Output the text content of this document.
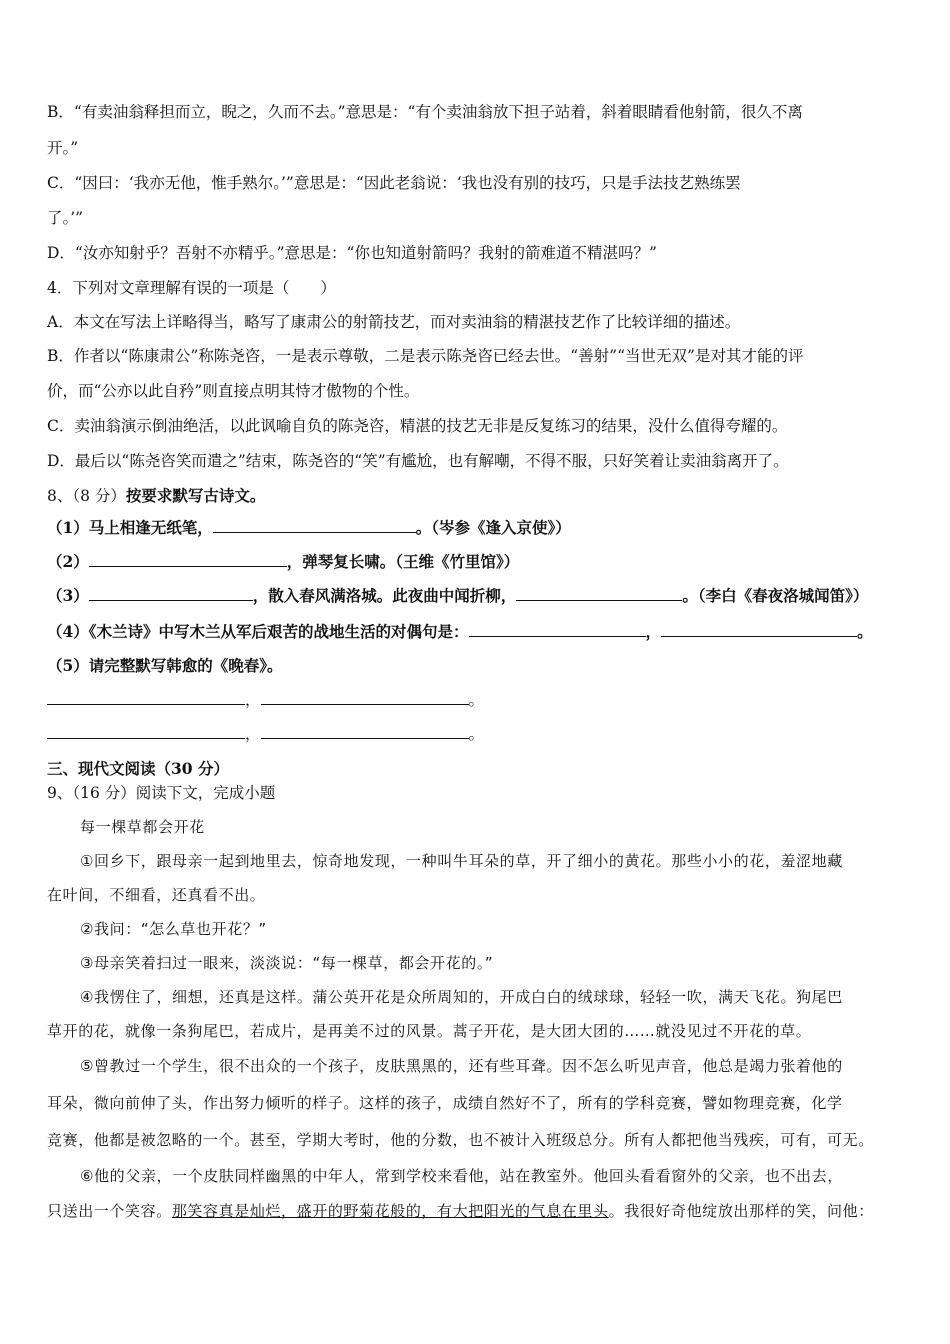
B．“有卖油翁释担而立，睨之，久而不去。”意思是：“有个卖油翁放下担子站着，斜着眼睛看他射箭，很久不离
开。”
C．“因曰：‘我亦无他，惟手熟尔。’”意思是：“因此老翁说：‘我也没有别的技巧，只是手法技艺熟练罢
了。’”
D．“汝亦知射乎？吾射不亦精乎。”意思是：“你也知道射箭吗？我射的箭难道不精湛吗？”
4．下列对文章理解有误的一项是（　　）
A．本文在写法上详略得当，略写了康肃公的射箭技艺，而对卖油翁的精湛技艺作了比较详细的描述。
B．作者以“陈康肃公”称陈尧咨，一是表示尊敬，二是表示陈尧咨已经去世。“善射”“当世无双”是对其才能的评
价，而“公亦以此自矜”则直接点明其恃才傲物的个性。
C．卖油翁演示倒油绝活，以此讽喻自负的陈尧咨，精湛的技艺无非是反复练习的结果，没什么值得夸耀的。
D．最后以“陈尧咨笑而遣之”结束，陈尧咨的“笑”有尴尬，也有解嘲，不得不服，只好笑着让卖油翁离开了。
8、（8 分）按要求默写古诗文。
（1）马上相逢无纸笔，	。（岑参《逢入京使》）
（2）	，弹琴复长啸。（王维《竹里馆》）
（3）	，散入春风满洛城。此夜曲中闻折柳，	。（李白《春夜洛城闻笛》）
（4）《木兰诗》中写木兰从军后艰苦的战地生活的对偶句是：	，	。
（5）请完整默写韩愈的《晚春》。
，	。
，	。
三、现代文阅读（30 分）
9、（16 分）阅读下文，完成小题
每一棵草都会开花
①回乡下，跟母亲一起到地里去，惊奇地发现，一种叫牛耳朵的草，开了细小的黄花。那些小小的花，羞涩地藏
在叶间，不细看，还真看不出。
②我问：“怎么草也开花？”
③母亲笑着扫过一眼来，淡淡说：“每一棵草，都会开花的。”
④我愣住了，细想，还真是这样。蒲公英开花是众所周知的，开成白白的绒球球，轻轻一吹，满天飞花。狗尾巴
草开的花，就像一条狗尾巴，若成片，是再美不过的风景。蒿子开花，是大团大团的……就没见过不开花的草。
⑤曾教过一个学生，很不出众的一个孩子，皮肤黑黑的，还有些耳聋。因不怎么听见声音，他总是竭力张着他的
耳朵，微向前伸了头，作出努力倾听的样子。这样的孩子，成绩自然好不了，所有的学科竞赛，譬如物理竞赛，化学
竞赛，他都是被忽略的一个。甚至，学期大考时，他的分数，也不被计入班级总分。所有人都把他当残疾，可有，可无。
⑥他的父亲，一个皮肤同样幽黑的中年人，常到学校来看他，站在教室外。他回头看看窗外的父亲，也不出去，
只送出一个笑容。那笑容真是灿烂，盛开的野菊花般的，有大把阳光的气息在里头。我很好奇他绽放出那样的笑，问他：
